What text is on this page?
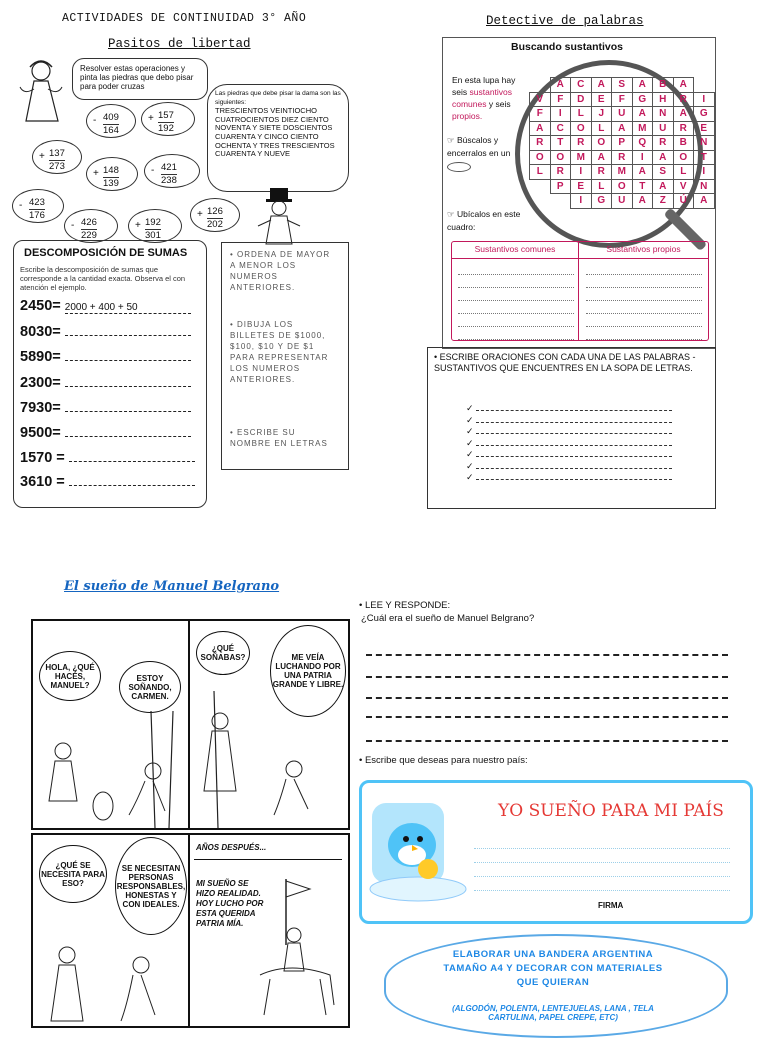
ACTIVIDADES DE CONTINUIDAD 3° AÑO
Pasitos de libertad
Detective de palabras
Resolver estas operaciones y pinta las piedras que debo pisar para poder cruzas
Las piedras que debe pisar la dama son las siguientes:
TRESCIENTOS VEINTIOCHO CUATROCIENTOS DIEZ CIENTO NOVENTA Y SIETE DOSCIENTOS CUARENTA Y CINCO CIENTO OCHENTA Y TRES TRESCIENTOS CUARENTA Y NUEVE
- 409
164
+ 157
192
+ 137
273
+ 148
139
- 421
238
- 423
176
- 426
229
+ 192
301
+ 126
202
DESCOMPOSICIÓN DE SUMAS
Escribe la descomposición de sumas que corresponde a la cantidad exacta. Observa el con atención el ejemplo.
2450= 2000 + 400 + 50
8030=
5890=
2300=
7930=
9500=
1570 =
3610 =
• ORDENA DE MAYOR A MENOR LOS NUMEROS ANTERIORES.
• DIBUJA LOS BILLETES DE $1000, $100, $10 Y DE $1 PARA REPRESENTAR LOS NUMEROS ANTERIORES.
• ESCRIBE SU NOMBRE EN LETRAS
Buscando sustantivos
En esta lupa hay seis sustantivos comunes y seis propios.
☞ Búscalos y encerralos en un
☞ Ubícalos en este cuadro:
Sustantivos comunes	Sustantivos propios
	A	C	A	S	A	B	A	
V	F	D	E	F	G	H	R	I
F	I	L	J	U	A	N	A	G
A	C	O	L	A	M	U	R	E
R	T	R	O	P	Q	R	B	N
O	O	M	A	R	I	A	O	T
L	R	I	R	M	A	S	L	I
	P	E	L	O	T	A	V	N
		I	G	U	A	Z	Ú	A
• ESCRIBE ORACIONES CON CADA UNA DE LAS PALABRAS -SUSTANTIVOS QUE ENCUENTRES EN LA SOPA DE LETRAS.
✓
✓
✓
✓
✓
✓
✓
El sueño de Manuel Belgrano
HOLA, ¿QUÉ HACÉS, MANUEL?
ESTOY SOÑANDO, CARMEN.
¿QUÉ SOÑABAS?	ME VEÍA LUCHANDO POR UNA PATRIA GRANDE Y LIBRE.
¿QUÉ SE NECESITA PARA ESO?
SE NECESITAN PERSONAS RESPONSABLES, HONESTAS Y CON IDEALES.
AÑOS DESPUÉS...
MI SUEÑO SE HIZO REALIDAD. HOY LUCHO POR ESTA QUERIDA PATRIA MÍA.
• LEE Y RESPONDE:
¿Cuál era el sueño de Manuel Belgrano?
• Escribe que deseas para nuestro país:
YO SUEÑO PARA MI PAÍS
FIRMA
ELABORAR UNA BANDERA ARGENTINA TAMAÑO A4 Y DECORAR CON MATERIALES QUE QUIERAN
(ALGODÓN, POLENTA, LENTEJUELAS, LANA , TELA CARTULINA, PAPEL CREPE, ETC)
